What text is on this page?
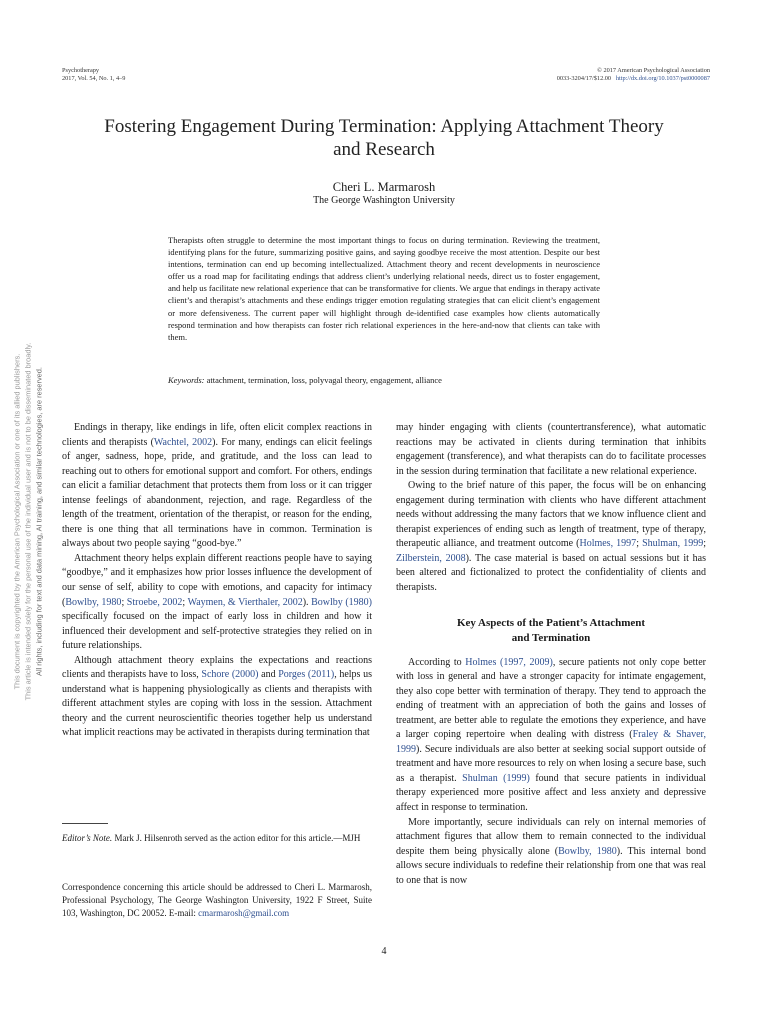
Psychotherapy
2017, Vol. 54, No. 1, 4–9
© 2017 American Psychological Association
0033-3204/17/$12.00 http://dx.doi.org/10.1037/pst0000087
Fostering Engagement During Termination: Applying Attachment Theory and Research
Cheri L. Marmarosh
The George Washington University
Therapists often struggle to determine the most important things to focus on during termination. Reviewing the treatment, identifying plans for the future, summarizing positive gains, and saying goodbye receive the most attention. Despite our best intentions, termination can end up becoming intellectualized. Attachment theory and recent developments in neuroscience offer us a road map for facilitating endings that address client’s underlying relational needs, direct us to foster engagement, and help us facilitate new relational experience that can be transformative for clients. We argue that endings in therapy activate client’s and therapist’s attachments and these endings trigger emotion regulating strategies that can elicit client’s engagement or more defensiveness. The current paper will highlight through de-identified case examples how clients automatically respond termination and how therapists can foster rich relational experiences in the here-and-now that clients can take with them.
Keywords: attachment, termination, loss, polyvagal theory, engagement, alliance

Endings in therapy, like endings in life, often elicit complex reactions in clients and therapists (Wachtel, 2002). For many, endings can elicit feelings of anger, sadness, hope, pride, and gratitude, and the loss can lead to reaching out to others for emotional support and comfort. For others, endings can elicit a familiar detachment that protects them from loss or it can trigger intense feelings of abandonment, rejection, and rage. Regardless of the length of the treatment, orientation of the therapist, or reason for the ending, there is one thing that all terminations have in common. Termination is always about two people saying “good-bye.”

Attachment theory helps explain different reactions people have to saying “goodbye,” and it emphasizes how prior losses influence the development of our sense of self, ability to cope with emotions, and capacity for intimacy (Bowlby, 1980; Stroebe, 2002; Waymen, & Vierthaler, 2002). Bowlby (1980) specifically focused on the impact of early loss in children and how it influenced their development and self-protective strategies they relied on in future relationships.

Although attachment theory explains the expectations and reactions clients and therapists have to loss, Schore (2000) and Porges (2011), helps us understand what is happening physiologically as clients and therapists with different attachment styles are coping with loss in the session. Attachment theory and the current neuroscientific theories together help us understand what implicit reactions may be activated in therapists during termination that

Editor’s Note. Mark J. Hilsenroth served as the action editor for this article.—MJH
Correspondence concerning this article should be addressed to Cheri L. Marmarosh, Professional Psychology, The George Washington University, 1922 F Street, Suite 103, Washington, DC 20052. E-mail: cmarmarosh@gmail.com

may hinder engaging with clients (countertransference), what automatic reactions may be activated in clients during termination that inhibits engagement (transference), and what therapists can do to facilitate processes in the session during termination that facilitate a new relational experience.

Owing to the brief nature of this paper, the focus will be on enhancing engagement during termination with clients who have different attachment needs without addressing the many factors that we know influence client and therapist experiences of ending such as length of treatment, type of therapy, therapeutic alliance, and treatment outcome (Holmes, 1997; Shulman, 1999; Zilberstein, 2008). The case material is based on actual sessions but it has been altered and fictionalized to protect the confidentiality of clients and therapists.

Key Aspects of the Patient’s Attachment
and Termination

According to Holmes (1997, 2009), secure patients not only cope better with loss in general and have a stronger capacity for intimate engagement, they also cope better with termination of therapy. They tend to approach the ending of treatment with an appreciation of both the gains and losses of treatment, are better able to regulate the emotions they experience, and have a larger coping repertoire when dealing with distress (Fraley & Shaver, 1999). Secure individuals are also better at seeking social support outside of treatment and have more resources to rely on when losing a secure base, such as a therapist. Shulman (1999) found that secure patients in individual therapy experienced more positive affect and less anxiety and depressive affect in response to termination.

More importantly, secure individuals can rely on internal memories of attachment figures that allow them to remain connected to the individual despite them being physically alone (Bowlby, 1980). This internal bond allows secure individuals to redefine their relationship from one that was real to one that is now

4
This document is copyrighted by the American Psychological Association or one of its allied publishers. This article is intended solely for the personal use of the individual user and is not to be disseminated broadly. All rights, including for text and data mining, AI training, and similar technologies, are reserved.
